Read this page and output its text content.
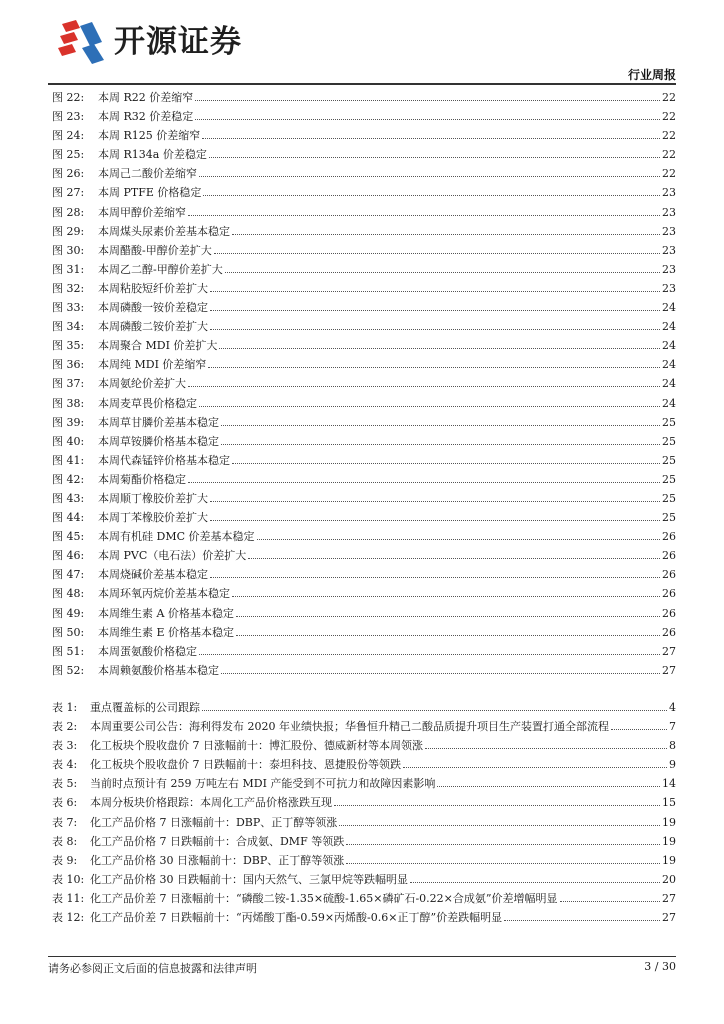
开源证券
行业周报
图 22:	本周 R22 价差缩窄	22
图 23:	本周 R32 价差稳定	22
图 24:	本周 R125 价差缩窄	22
图 25:	本周 R134a 价差稳定	22
图 26:	本周己二酸价差缩窄	22
图 27:	本周 PTFE 价格稳定	23
图 28:	本周甲醇价差缩窄	23
图 29:	本周煤头尿素价差基本稳定	23
图 30:	本周醋酸-甲醇价差扩大	23
图 31:	本周乙二醇-甲醇价差扩大	23
图 32:	本周粘胶短纤价差扩大	23
图 33:	本周磷酸一铵价差稳定	24
图 34:	本周磷酸二铵价差扩大	24
图 35:	本周聚合 MDI 价差扩大	24
图 36:	本周纯 MDI 价差缩窄	24
图 37:	本周氨纶价差扩大	24
图 38:	本周麦草畏价格稳定	24
图 39:	本周草甘膦价差基本稳定	25
图 40:	本周草铵膦价格基本稳定	25
图 41:	本周代森锰锌价格基本稳定	25
图 42:	本周菊酯价格稳定	25
图 43:	本周顺丁橡胶价差扩大	25
图 44:	本周丁苯橡胶价差扩大	25
图 45:	本周有机硅 DMC 价差基本稳定	26
图 46:	本周 PVC（电石法）价差扩大	26
图 47:	本周烧碱价差基本稳定	26
图 48:	本周环氧丙烷价差基本稳定	26
图 49:	本周维生素 A 价格基本稳定	26
图 50:	本周维生素 E 价格基本稳定	26
图 51:	本周蛋氨酸价格稳定	27
图 52:	本周赖氨酸价格基本稳定	27
表 1:	重点覆盖标的公司跟踪	4
表 2:	本周重要公司公告：海利得发布 2020 年业绩快报；华鲁恒升精己二酸品质提升项目生产装置打通全部流程	7
表 3:	化工板块个股收盘价 7 日涨幅前十：博汇股份、德威新材等本周领涨	8
表 4:	化工板块个股收盘价 7 日跌幅前十：泰坦科技、恩捷股份等领跌	9
表 5:	当前时点预计有 259 万吨左右 MDI 产能受到不可抗力和故障因素影响	14
表 6:	本周分板块价格跟踪：本周化工产品价格涨跌互现	15
表 7:	化工产品价格 7 日涨幅前十：DBP、正丁醇等领涨	19
表 8:	化工产品价格 7 日跌幅前十：合成氨、DMF 等领跌	19
表 9:	化工产品价格 30 日涨幅前十：DBP、正丁醇等领涨	19
表 10: 化工产品价格 30 日跌幅前十：国内天然气、三氯甲烷等跌幅明显	20
表 11: 化工产品价差 7 日涨幅前十：“磷酸二铵-1.35×硫酸-1.65×磷矿石-0.22×合成氨”价差增幅明显	27
表 12: 化工产品价差 7 日跌幅前十：“丙烯酸丁酯-0.59×丙烯酸-0.6×正丁醇”价差跌幅明显	27
请务必参阅正文后面的信息披露和法律声明	3 / 30
